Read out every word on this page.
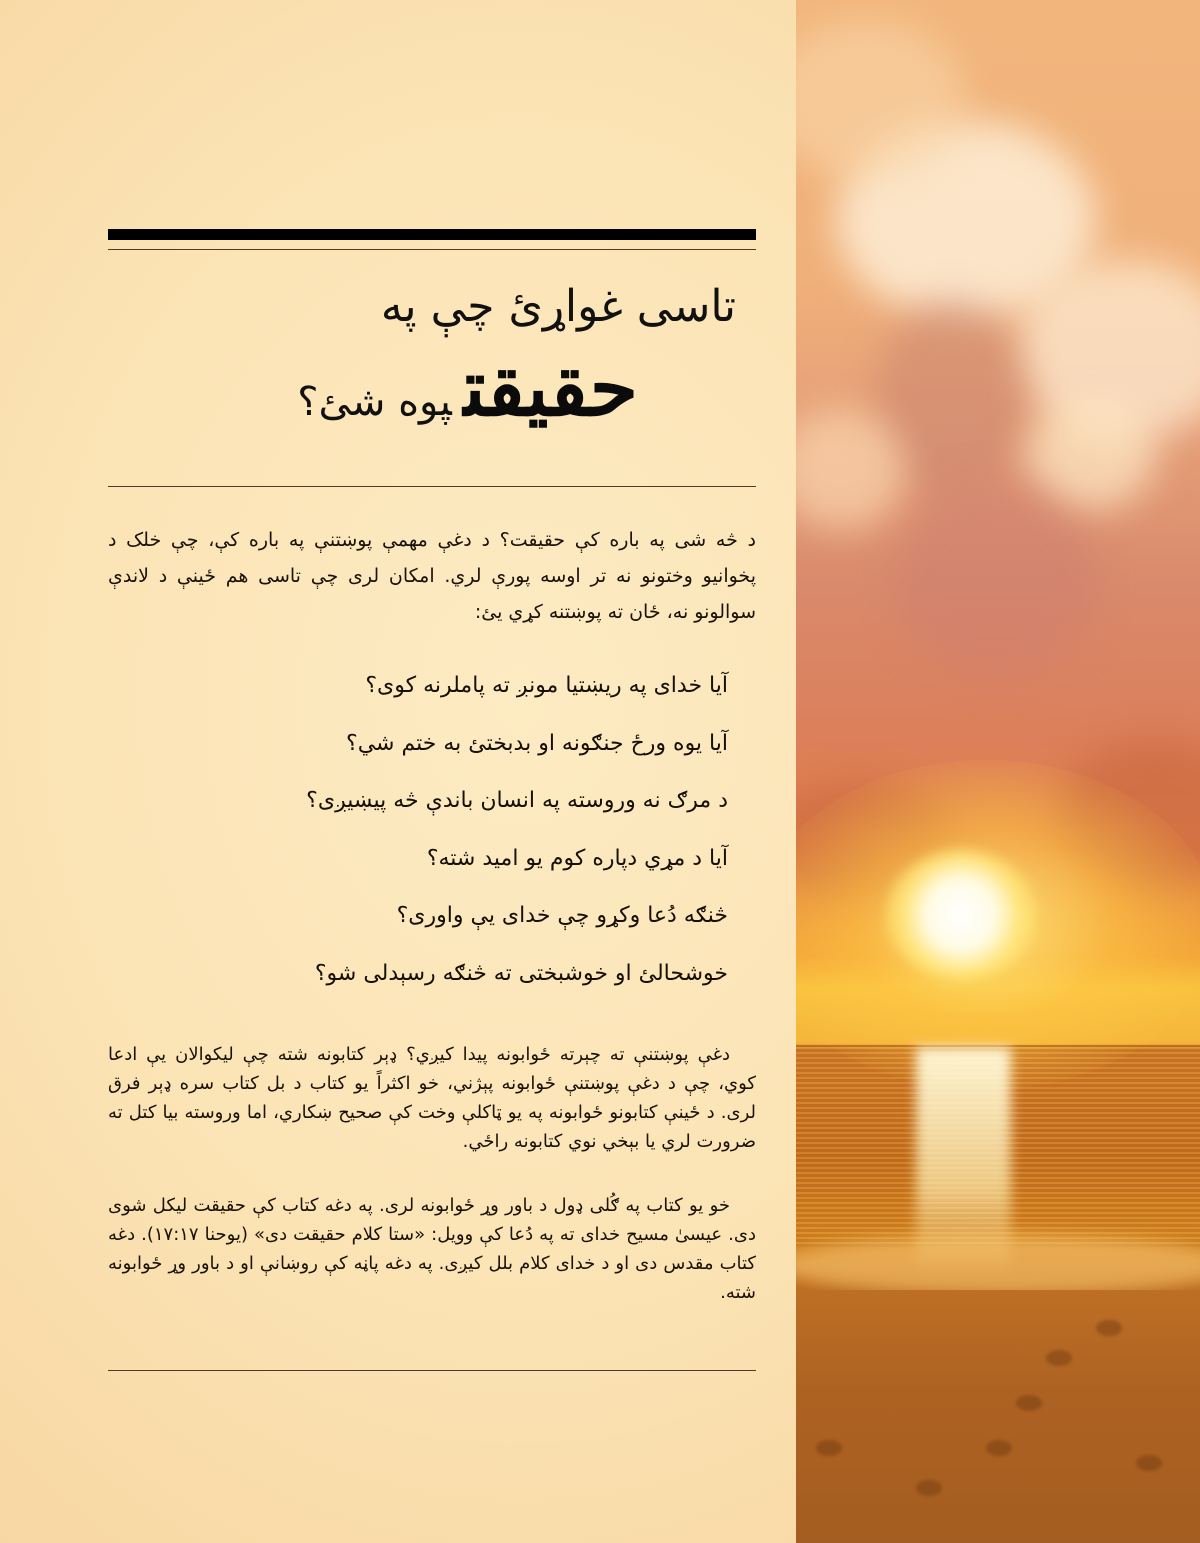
تاسی غواړئ چې په
حقیقتپوه شئ؟

د څه شی په باره کې حقیقت؟ د دغې مهمې پوښتنې په باره کې، چې خلک د پخوانیو وختونو نه تر اوسه پورې لري. امکان لری چې تاسی هم ځینې د لاندې سوالونو نه، ځان ته پوښتنه کړي يئ:

آیا خدای په ریښتیا مونږ ته پاملرنه کوی؟
آیا یوه ورځ جنګونه او بدبختئ به ختم شي؟
د مرګ نه وروسته په انسان باندې څه پیښیږی؟
آیا د مړي دپاره کوم یو امید شته؟
څنګه دُعا وکړو چې خدای یې واوری؟
خوشحالئ او خوشبختی ته څنګه رسېدلی شو؟

دغې پوښتنې ته چېرته ځوابونه پیدا کیږي؟ ډېر کتابونه شته چې لیکوالان یې ادعا کوي، چې د دغې پوښتنې ځوابونه پېژني، خو اکثراً یو کتاب د بل کتاب سره ډېر فرق لری. د ځینې کتابونو ځوابونه په یو ټاکلې وخت کې صحیح ښکاري، اما وروسته بیا کتل ته ضرورت لري یا بېخي نوي کتابونه راځي.

خو یو کتاب په ګُلی ډول د باور وړ ځوابونه لری. په دغه کتاب کې حقیقت لیکل شوی دی. عیسیٰ مسیح خدای ته په دُعا کې وویل: «ستا کلام حقیقت دی» (یوحنا ۱۷:۱۷). دغه کتاب مقدس دی او د خدای کلام بلل کیږی. په دغه پاڼه کې روښانې او د باور وړ ځوابونه شته.
